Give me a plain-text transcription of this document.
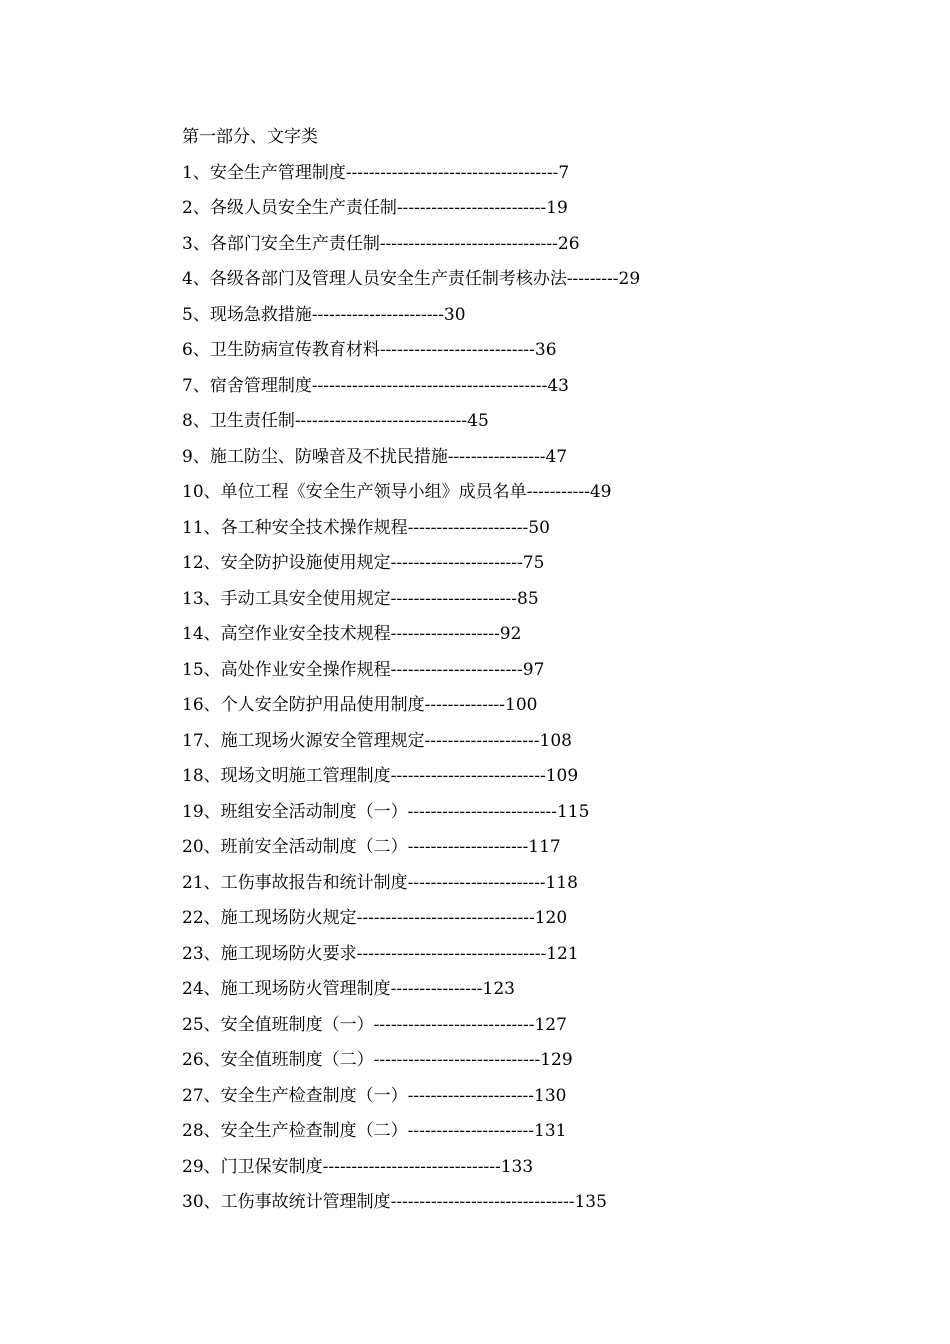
第一部分、文字类
1、安全生产管理制度-------------------------------------7
2、各级人员安全生产责任制--------------------------19
3、各部门安全生产责任制-------------------------------26
4、各级各部门及管理人员安全生产责任制考核办法---------29
5、现场急救措施-----------------------30
6、卫生防病宣传教育材料---------------------------36
7、宿舍管理制度-----------------------------------------43
8、卫生责任制------------------------------45
9、施工防尘、防噪音及不扰民措施-----------------47
10、单位工程《安全生产领导小组》成员名单-----------49
11、各工种安全技术操作规程---------------------50
12、安全防护设施使用规定-----------------------75
13、手动工具安全使用规定----------------------85
14、高空作业安全技术规程-------------------92
15、高处作业安全操作规程-----------------------97
16、个人安全防护用品使用制度--------------100
17、施工现场火源安全管理规定--------------------108
18、现场文明施工管理制度---------------------------109
19、班组安全活动制度（一）--------------------------115
20、班前安全活动制度（二）---------------------117
21、工伤事故报告和统计制度------------------------118
22、施工现场防火规定-------------------------------120
23、施工现场防火要求---------------------------------121
24、施工现场防火管理制度----------------123
25、安全值班制度（一）----------------------------127
26、安全值班制度（二）-----------------------------129
27、安全生产检查制度（一）----------------------130
28、安全生产检查制度（二）----------------------131
29、门卫保安制度-------------------------------133
30、工伤事故统计管理制度--------------------------------135
